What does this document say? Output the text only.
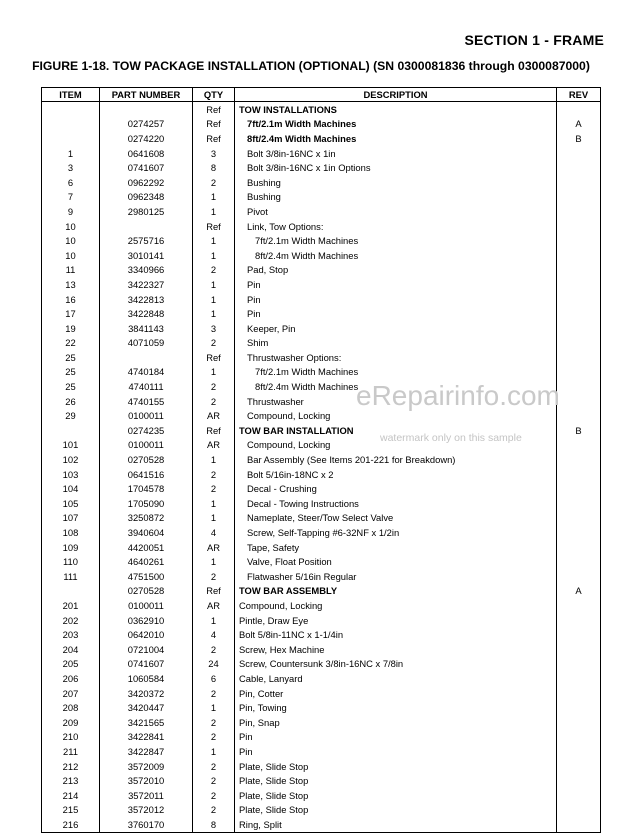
SECTION 1 - FRAME
FIGURE 1-18. TOW PACKAGE INSTALLATION (OPTIONAL) (SN 0300081836 through 0300087000)
ITEM	PART NUMBER	QTY	DESCRIPTION	REV
		Ref	TOW INSTALLATIONS	
	0274257	Ref	7ft/2.1m Width Machines	A
	0274220	Ref	8ft/2.4m Width Machines	B
1	0641608	3	Bolt 3/8in-16NC x 1in	
3	0741607	8	Bolt 3/8in-16NC x 1in Options	
6	0962292	2	Bushing	
7	0962348	1	Bushing	
9	2980125	1	Pivot	
10		Ref	Link, Tow Options:	
10	2575716	1	7ft/2.1m Width Machines	
10	3010141	1	8ft/2.4m Width Machines	
11	3340966	2	Pad, Stop	
13	3422327	1	Pin	
16	3422813	1	Pin	
17	3422848	1	Pin	
19	3841143	3	Keeper, Pin	
22	4071059	2	Shim	
25		Ref	Thrustwasher Options:	
25	4740184	1	7ft/2.1m Width Machines	
25	4740111	2	8ft/2.4m Width Machines	
26	4740155	2	Thrustwasher	
29	0100011	AR	Compound, Locking	
	0274235	Ref	TOW BAR INSTALLATION	B
101	0100011	AR	Compound, Locking	
102	0270528	1	Bar Assembly (See Items 201-221 for Breakdown)	
103	0641516	2	Bolt 5/16in-18NC x 2	
104	1704578	2	Decal - Crushing	
105	1705090	1	Decal - Towing Instructions	
107	3250872	1	Nameplate, Steer/Tow Select Valve	
108	3940604	4	Screw, Self-Tapping #6-32NF x 1/2in	
109	4420051	AR	Tape, Safety	
110	4640261	1	Valve, Float Position	
111	4751500	2	Flatwasher 5/16in Regular	
	0270528	Ref	TOW BAR ASSEMBLY	A
201	0100011	AR	Compound, Locking	
202	0362910	1	Pintle, Draw Eye	
203	0642010	4	Bolt 5/8in-11NC x 1-1/4in	
204	0721004	2	Screw, Hex Machine	
205	0741607	24	Screw, Countersunk 3/8in-16NC x 7/8in	
206	1060584	6	Cable, Lanyard	
207	3420372	2	Pin, Cotter	
208	3420447	1	Pin, Towing	
209	3421565	2	Pin, Snap	
210	3422841	2	Pin	
211	3422847	1	Pin	
212	3572009	2	Plate, Slide Stop	
213	3572010	2	Plate, Slide Stop	
214	3572011	2	Plate, Slide Stop	
215	3572012	2	Plate, Slide Stop	
216	3760170	8	Ring, Split	
eRepairinfo.com
watermark only on this sample
